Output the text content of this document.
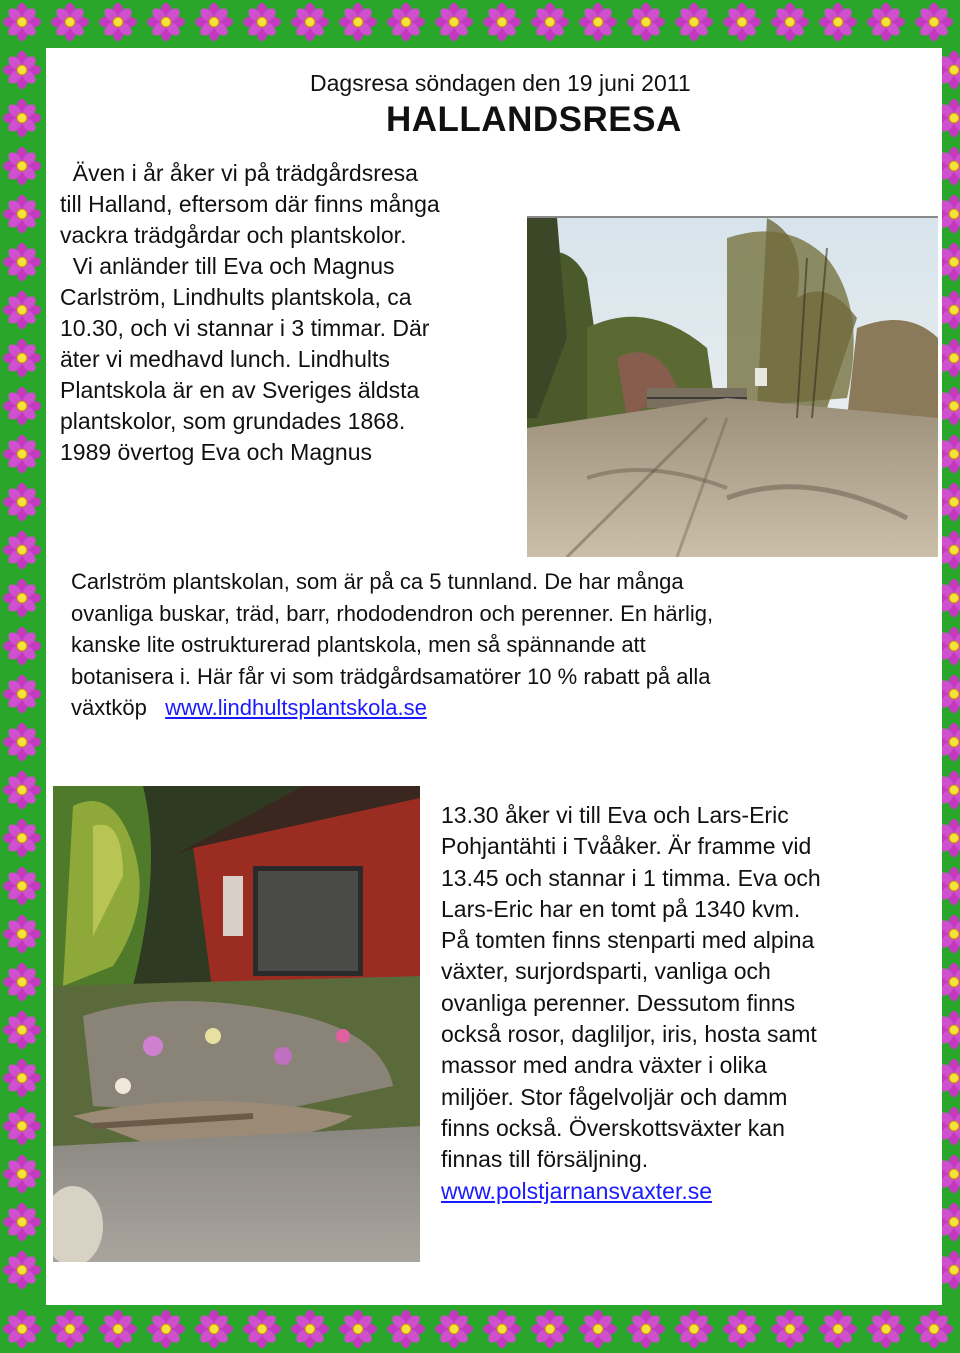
Dagsresa söndagen den 19 juni 2011
HALLANDSRESA
Även i år åker vi på trädgårdsresa
till Halland, eftersom där finns många
vackra trädgårdar och plantskolor.
Vi anländer till Eva och Magnus
Carlström, Lindhults plantskola, ca
10.30, och vi stannar i 3 timmar. Där
äter vi medhavd lunch. Lindhults
Plantskola är en av Sveriges äldsta
plantskolor, som grundades 1868.
1989 övertog Eva och Magnus
Carlström plantskolan, som är på ca 5 tunnland. De har många
ovanliga buskar, träd, barr, rhododendron och perenner. En härlig,
kanske lite ostrukturerad plantskola, men så spännande att
botanisera i. Här får vi som trädgårdsamatörer 10 % rabatt på alla
växtköp   www.lindhultsplantskola.se
13.30 åker vi till Eva och Lars-Eric
Pohjantähti i Tvååker. Är framme vid
13.45 och stannar i 1 timma. Eva och
Lars-Eric har en tomt på 1340 kvm.
På tomten finns stenparti med alpina
växter, surjordsparti, vanliga och
ovanliga perenner. Dessutom finns
också rosor, dagliljor, iris, hosta samt
massor med andra växter i olika
miljöer. Stor fågelvoljär och damm
finns också. Överskottsväxter kan
finnas till försäljning.
www.polstjarnansvaxter.se
